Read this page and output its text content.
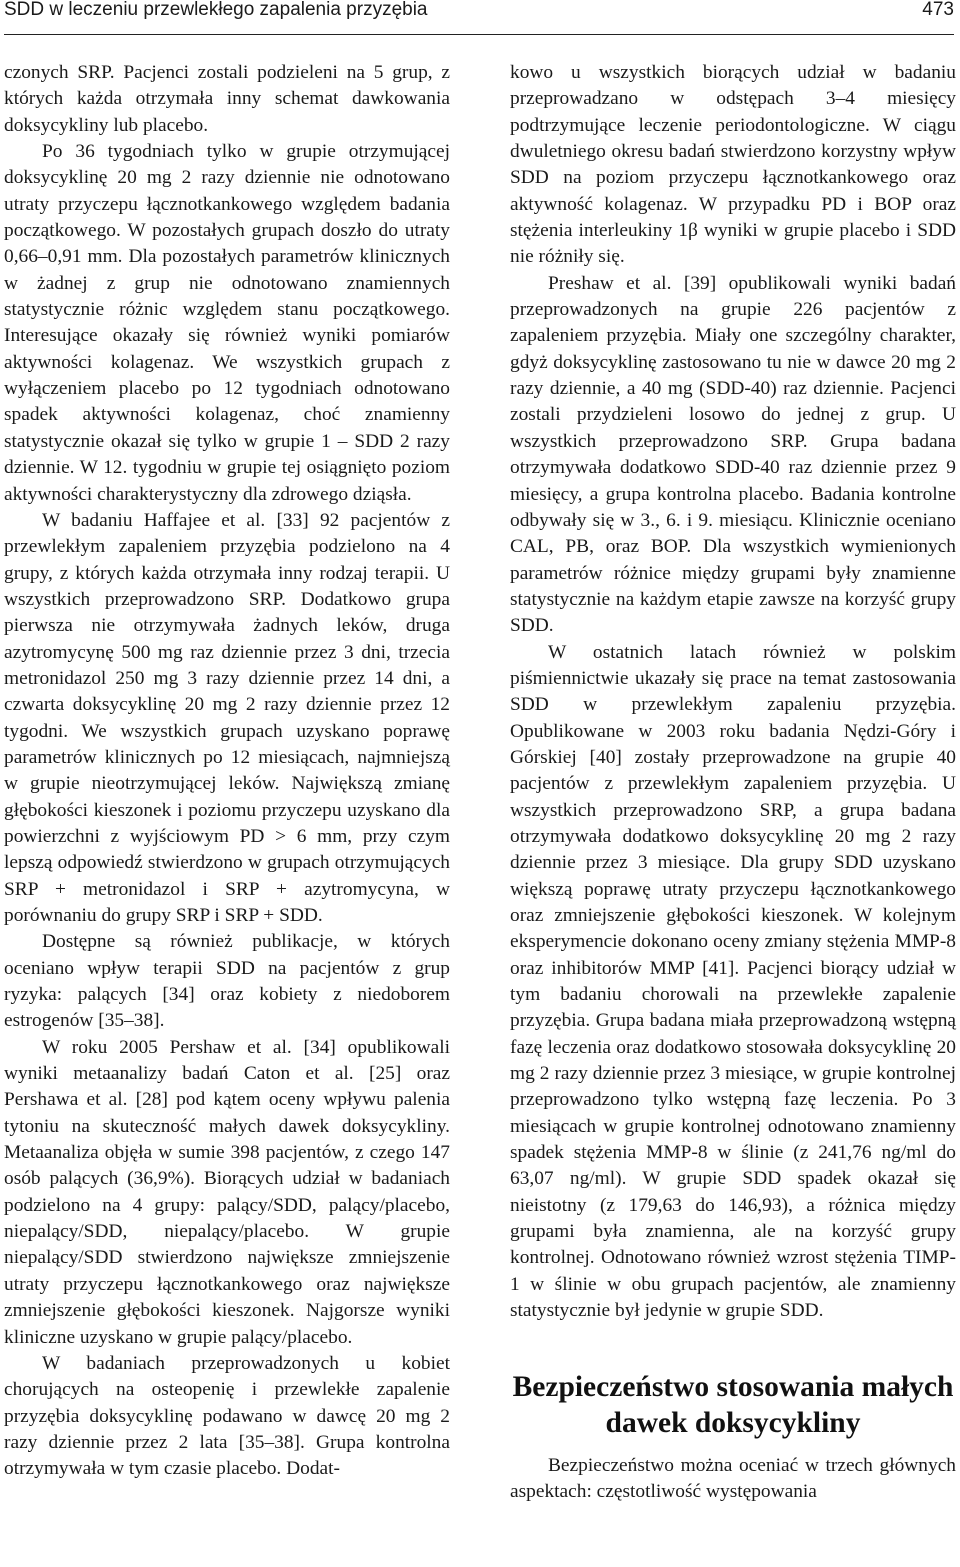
SDD w leczeniu przewlekłego zapalenia przyzębia	473

czonych SRP. Pacjenci zostali podzieleni na 5 grup, z których każda otrzymała inny schemat dawkowania doksycykliny lub placebo.

Po 36 tygodniach tylko w grupie otrzymującej doksycyklinę 20 mg 2 razy dziennie nie odnotowano utraty przyczepu łącznotkankowego względem badania początkowego. W pozostałych grupach doszło do utraty 0,66–0,91 mm. Dla pozostałych parametrów klinicznych w żadnej z grup nie odnotowano znamiennych statystycznie różnic względem stanu początkowego. Interesujące okazały się również wyniki pomiarów aktywności kolagenaz. We wszystkich grupach z wyłączeniem placebo po 12 tygodniach odnotowano spadek aktywności kolagenaz, choć znamienny statystycznie okazał się tylko w grupie 1 – SDD 2 razy dziennie. W 12. tygodniu w grupie tej osiągnięto poziom aktywności charakterystyczny dla zdrowego dziąsła.

W badaniu Haffajee et al. [33] 92 pacjentów z przewlekłym zapaleniem przyzębia podzielono na 4 grupy, z których każda otrzymała inny rodzaj terapii. U wszystkich przeprowadzono SRP. Dodatkowo grupa pierwsza nie otrzymywała żadnych leków, druga azytromycynę 500 mg raz dziennie przez 3 dni, trzecia metronidazol 250 mg 3 razy dziennie przez 14 dni, a czwarta doksycyklinę 20 mg 2 razy dziennie przez 12 tygodni. We wszystkich grupach uzyskano poprawę parametrów klinicznych po 12 miesiącach, najmniejszą w grupie nieotrzymującej leków. Największą zmianę głębokości kieszonek i poziomu przyczepu uzyskano dla powierzchni z wyjściowym PD > 6 mm, przy czym lepszą odpowiedź stwierdzono w grupach otrzymujących SRP + metronidazol i SRP + azytromycyna, w porównaniu do grupy SRP i SRP + SDD.

Dostępne są również publikacje, w których oceniano wpływ terapii SDD na pacjentów z grup ryzyka: palących [34] oraz kobiety z niedoborem estrogenów [35–38].

W roku 2005 Pershaw et al. [34] opublikowali wyniki metaanalizy badań Caton et al. [25] oraz Pershawa et al. [28] pod kątem oceny wpływu palenia tytoniu na skuteczność małych dawek doksycykliny. Metaanaliza objęła w sumie 398 pacjentów, z czego 147 osób palących (36,9%). Biorących udział w badaniach podzielono na 4 grupy: palący/SDD, palący/placebo, niepalący/SDD, niepalący/placebo. W grupie niepalący/SDD stwierdzono największe zmniejszenie utraty przyczepu łącznotkankowego oraz największe zmniejszenie głębokości kieszonek. Najgorsze wyniki kliniczne uzyskano w grupie palący/placebo.

W badaniach przeprowadzonych u kobiet chorujących na osteopenię i przewlekłe zapalenie przyzębia doksycyklinę podawano w dawcę 20 mg 2 razy dziennie przez 2 lata [35–38]. Grupa kontrolna otrzymywała w tym czasie placebo. Dodat-

kowo u wszystkich biorących udział w badaniu przeprowadzano w odstępach 3–4 miesięcy podtrzymujące leczenie periodontologiczne. W ciągu dwuletniego okresu badań stwierdzono korzystny wpływ SDD na poziom przyczepu łącznotkankowego oraz aktywność kolagenaz. W przypadku PD i BOP oraz stężenia interleukiny 1β wyniki w grupie placebo i SDD nie różniły się.

Preshaw et al. [39] opublikowali wyniki badań przeprowadzonych na grupie 226 pacjentów z zapaleniem przyzębia. Miały one szczególny charakter, gdyż doksycyklinę zastosowano tu nie w dawce 20 mg 2 razy dziennie, a 40 mg (SDD-40) raz dziennie. Pacjenci zostali przydzieleni losowo do jednej z grup. U wszystkich przeprowadzono SRP. Grupa badana otrzymywała dodatkowo SDD-40 raz dziennie przez 9 miesięcy, a grupa kontrolna placebo. Badania kontrolne odbywały się w 3., 6. i 9. miesiącu. Klinicznie oceniano CAL, PB, oraz BOP. Dla wszystkich wymienionych parametrów różnice między grupami były znamienne statystycznie na każdym etapie zawsze na korzyść grupy SDD.

W ostatnich latach również w polskim piśmiennictwie ukazały się prace na temat zastosowania SDD w przewlekłym zapaleniu przyzębia. Opublikowane w 2003 roku badania Nędzi-Góry i Górskiej [40] zostały przeprowadzone na grupie 40 pacjentów z przewlekłym zapaleniem przyzębia. U wszystkich przeprowadzono SRP, a grupa badana otrzymywała dodatkowo doksycyklinę 20 mg 2 razy dziennie przez 3 miesiące. Dla grupy SDD uzyskano większą poprawę utraty przyczepu łącznotkankowego oraz zmniejszenie głębokości kieszonek. W kolejnym eksperymencie dokonano oceny zmiany stężenia MMP-8 oraz inhibitorów MMP [41]. Pacjenci biorący udział w tym badaniu chorowali na przewlekłe zapalenie przyzębia. Grupa badana miała przeprowadzoną wstępną fazę leczenia oraz dodatkowo stosowała doksycyklinę 20 mg 2 razy dziennie przez 3 miesiące, w grupie kontrolnej przeprowadzono tylko wstępną fazę leczenia. Po 3 miesiącach w grupie kontrolnej odnotowano znamienny spadek stężenia MMP-8 w ślinie (z 241,76 ng/ml do 63,07 ng/ml). W grupie SDD spadek okazał się nieistotny (z 179,63 do 146,93), a różnica między grupami była znamienna, ale na korzyść grupy kontrolnej. Odnotowano również wzrost stężenia TIMP-1 w ślinie w obu grupach pacjentów, ale znamienny statystycznie był jedynie w grupie SDD.

Bezpieczeństwo stosowania małych dawek doksycykliny

Bezpieczeństwo można oceniać w trzech głównych aspektach: częstotliwość występowania
